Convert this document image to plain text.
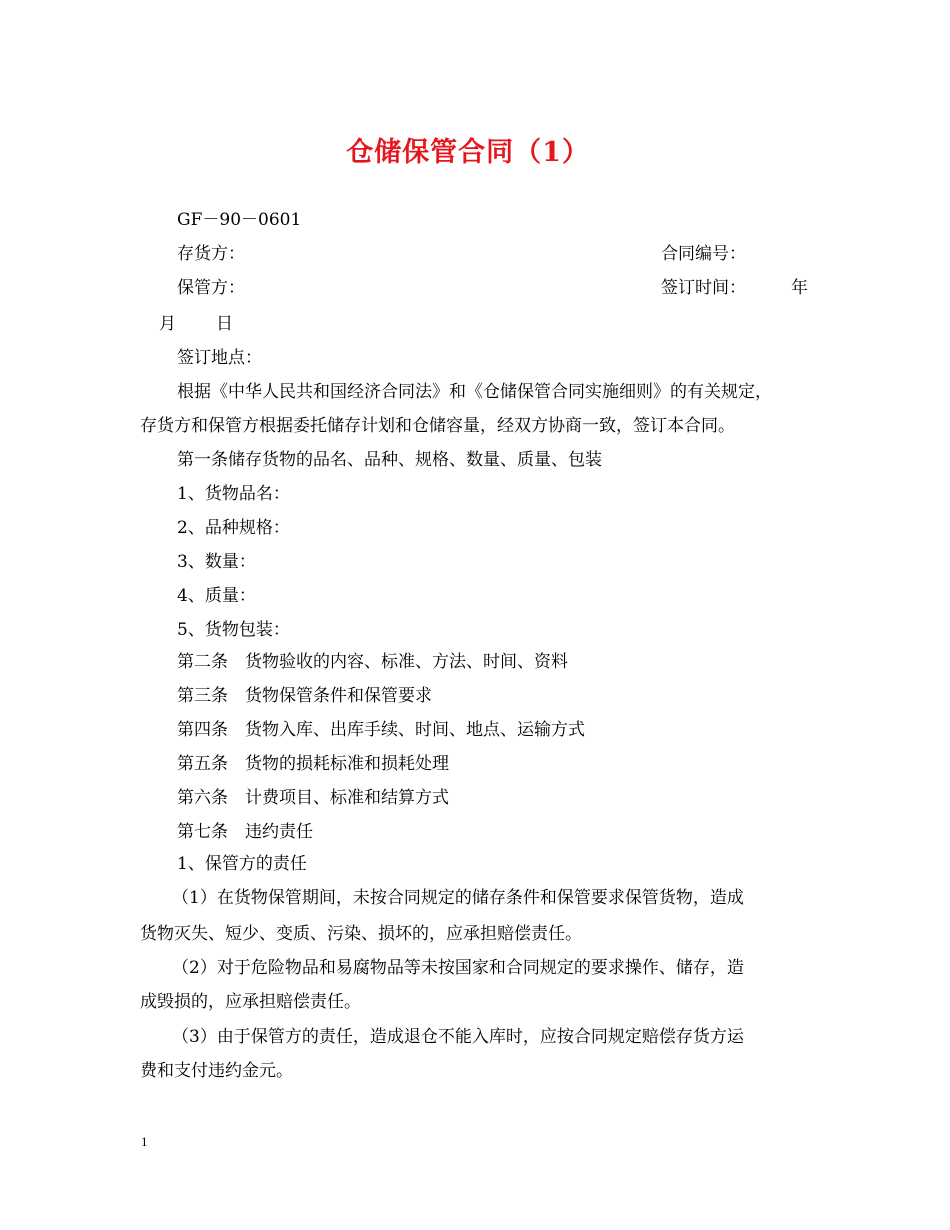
仓储保管合同（1）
GF－90－0601
存货方：	合同编号：
保管方：	签订时间：	年
月 日
签订地点：
根据《中华人民共和国经济合同法》和《仓储保管合同实施细则》的有关规定，
存货方和保管方根据委托储存计划和仓储容量，经双方协商一致，签订本合同。
第一条储存货物的品名、品种、规格、数量、质量、包装
1、货物品名：
2、品种规格：
3、数量：
4、质量：
5、货物包装：
第二条　货物验收的内容、标准、方法、时间、资料
第三条　货物保管条件和保管要求
第四条　货物入库、出库手续、时间、地点、运输方式
第五条　货物的损耗标准和损耗处理
第六条　计费项目、标准和结算方式
第七条　违约责任
1、保管方的责任
（1）在货物保管期间，未按合同规定的储存条件和保管要求保管货物，造成
货物灭失、短少、变质、污染、损坏的，应承担赔偿责任。
（2）对于危险物品和易腐物品等未按国家和合同规定的要求操作、储存，造
成毁损的，应承担赔偿责任。
（3）由于保管方的责任，造成退仓不能入库时，应按合同规定赔偿存货方运
费和支付违约金元。
1
